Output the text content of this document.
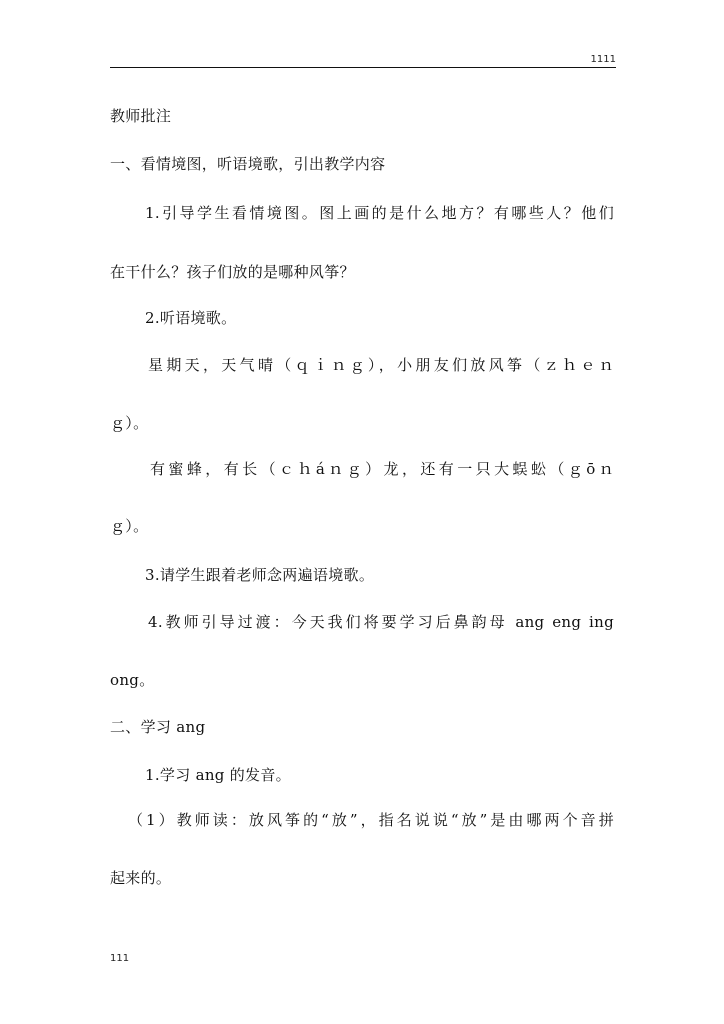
1111
教师批注
一、看情境图，听语境歌，引出教学内容
1.引导学生看情境图。图上画的是什么地方？有哪些人？他们
在干什么？孩子们放的是哪种风筝？
2.听语境歌。
星期天，天气晴（ｑｉｎｇ），小朋友们放风筝（ｚｈｅｎ
ｇ）。
有蜜蜂，有长（ｃｈáｎｇ）龙，还有一只大蜈蚣（ｇōｎ
ｇ）。
3.请学生跟着老师念两遍语境歌。
4.教师引导过渡：今天我们将要学习后鼻韵母 ang eng ing
ong。
二、学习 ang
1.学习 ang 的发音。
（1）教师读：放风筝的“放”，指名说说“放”是由哪两个音拼
起来的。
111
